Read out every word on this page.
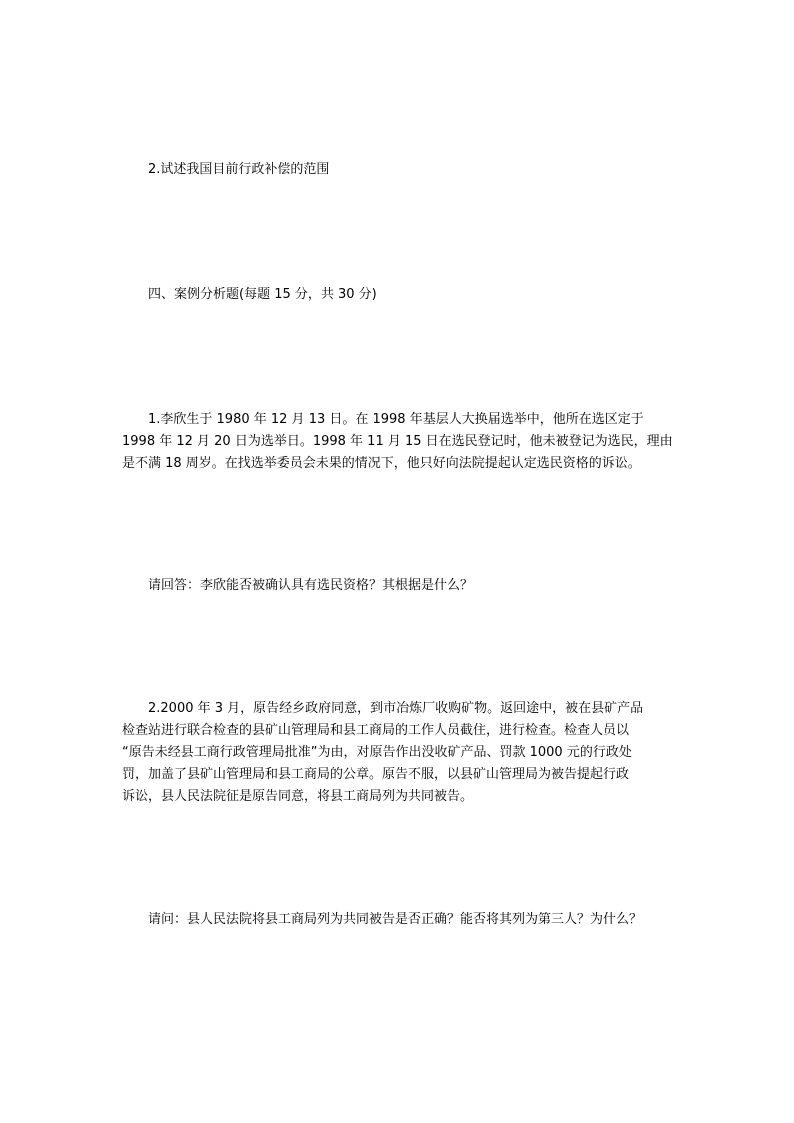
2.试述我国目前行政补偿的范围
四、案例分析题(每题 15 分，共 30 分)
1.李欣生于 1980 年 12 月 13 日。在 1998 年基层人大换届选举中，他所在选区定于
1998 年 12 月 20 日为选举日。1998 年 11 月 15 日在选民登记时，他未被登记为选民，理由
是不满 18 周岁。在找选举委员会未果的情况下，他只好向法院提起认定选民资格的诉讼。
请回答：李欣能否被确认具有选民资格？其根据是什么？
2.2000 年 3 月，原告经乡政府同意，到市冶炼厂收购矿物。返回途中，被在县矿产品
检查站进行联合检查的县矿山管理局和县工商局的工作人员截住，进行检查。检查人员以
“原告未经县工商行政管理局批准”为由，对原告作出没收矿产品、罚款 1000 元的行政处
罚，加盖了县矿山管理局和县工商局的公章。原告不服，以县矿山管理局为被告提起行政
诉讼，县人民法院征是原告同意，将县工商局列为共同被告。
请问：县人民法院将县工商局列为共同被告是否正确？能否将其列为第三人？为什么？
